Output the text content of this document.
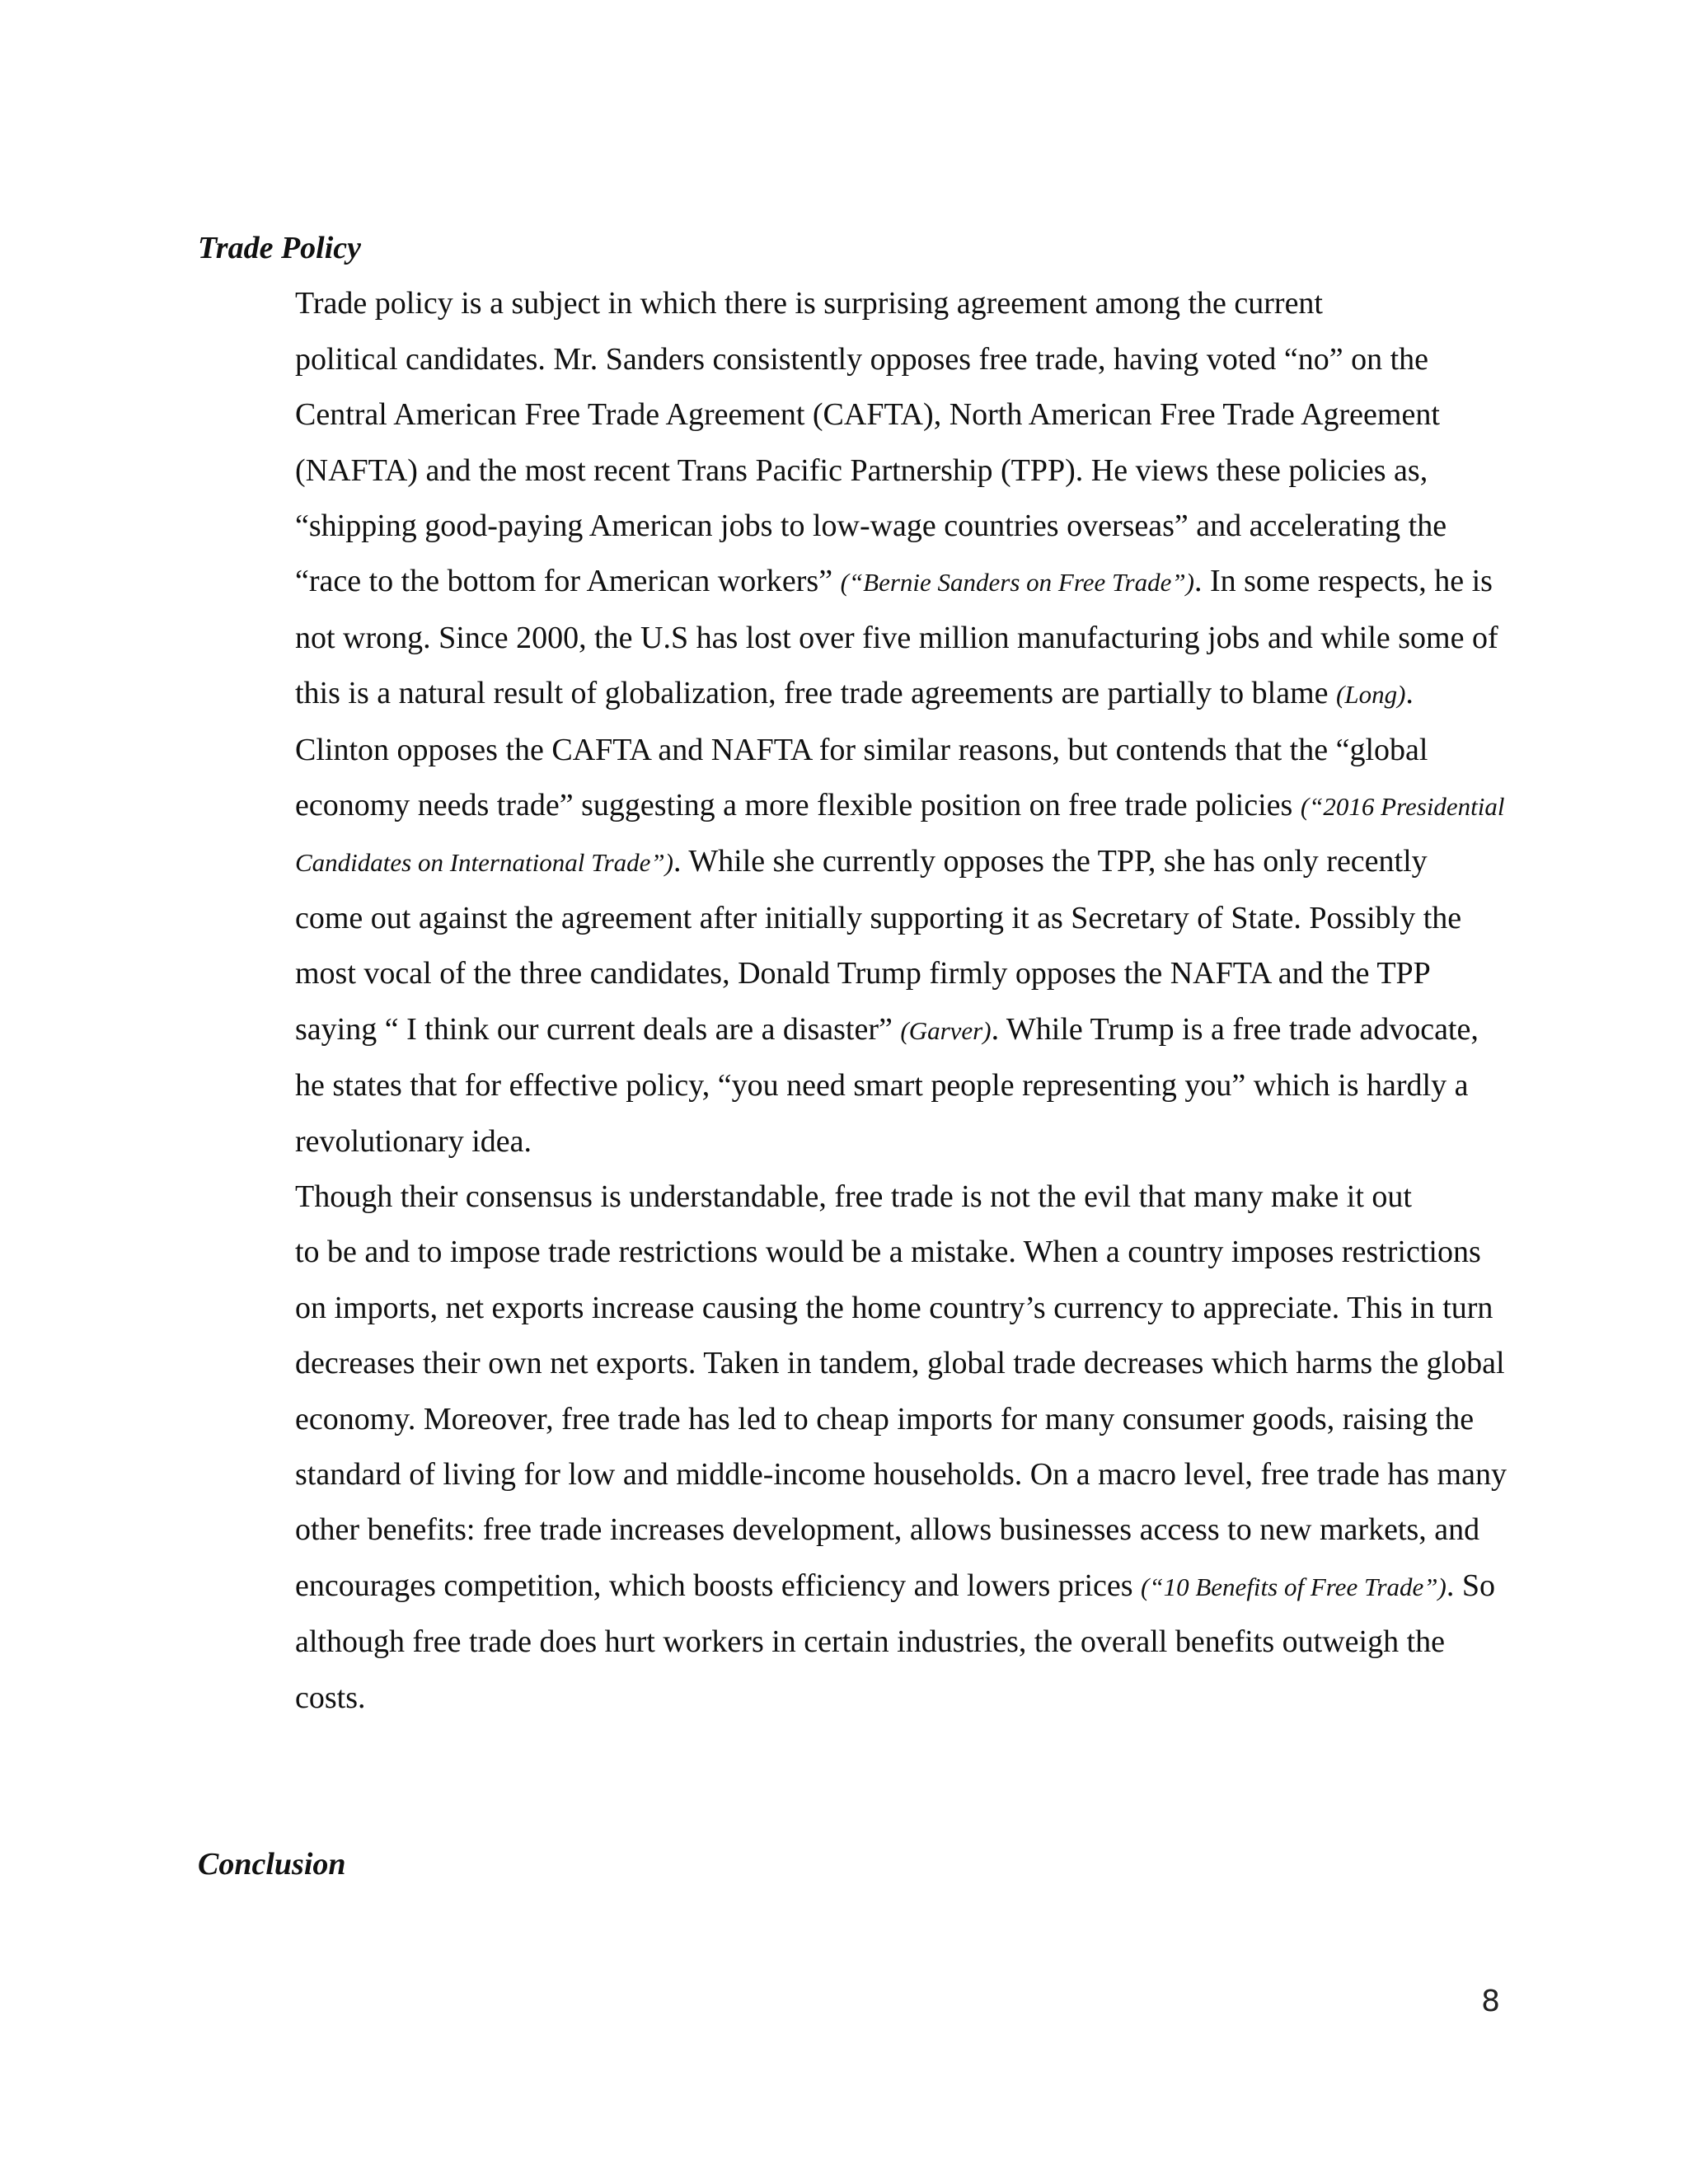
Trade Policy

Trade policy is a subject in which there is surprising agreement among the current
political candidates. Mr. Sanders consistently opposes free trade, having voted “no” on the
Central American Free Trade Agreement (CAFTA), North American Free Trade Agreement
(NAFTA) and the most recent Trans Pacific Partnership (TPP). He views these policies as,
“shipping good-paying American jobs to low-wage countries overseas” and accelerating the
“race to the bottom for American workers” (“Bernie Sanders on Free Trade”). In some respects, he is
not wrong. Since 2000, the U.S has lost over five million manufacturing jobs and while some of
this is a natural result of globalization, free trade agreements are partially to blame (Long).
Clinton opposes the CAFTA and NAFTA for similar reasons, but contends that the “global
economy needs trade” suggesting a more flexible position on free trade policies (“2016 Presidential
Candidates on International Trade”). While she currently opposes the TPP, she has only recently
come out against the agreement after initially supporting it as Secretary of State. Possibly the
most vocal of the three candidates, Donald Trump firmly opposes the NAFTA and the TPP
saying “ I think our current deals are a disaster” (Garver). While Trump is a free trade advocate,
he states that for effective policy, “you need smart people representing you” which is hardly a
revolutionary idea.

Though their consensus is understandable, free trade is not the evil that many make it out
to be and to impose trade restrictions would be a mistake. When a country imposes restrictions
on imports, net exports increase causing the home country’s currency to appreciate. This in turn
decreases their own net exports. Taken in tandem, global trade decreases which harms the global
economy. Moreover, free trade has led to cheap imports for many consumer goods, raising the
standard of living for low and middle-income households. On a macro level, free trade has many
other benefits: free trade increases development, allows businesses access to new markets, and
encourages competition, which boosts efficiency and lowers prices (“10 Benefits of Free Trade”). So
although free trade does hurt workers in certain industries, the overall benefits outweigh the
costs.

Conclusion

8
